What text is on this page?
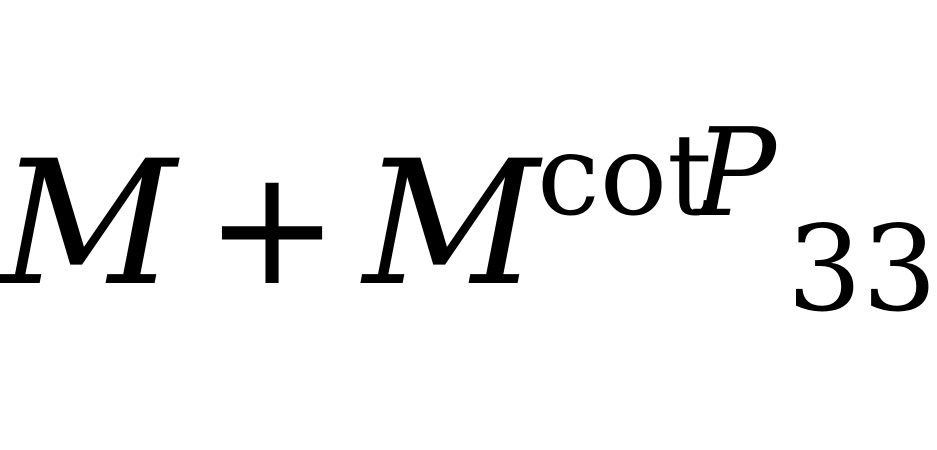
M + M
cot
P
33
